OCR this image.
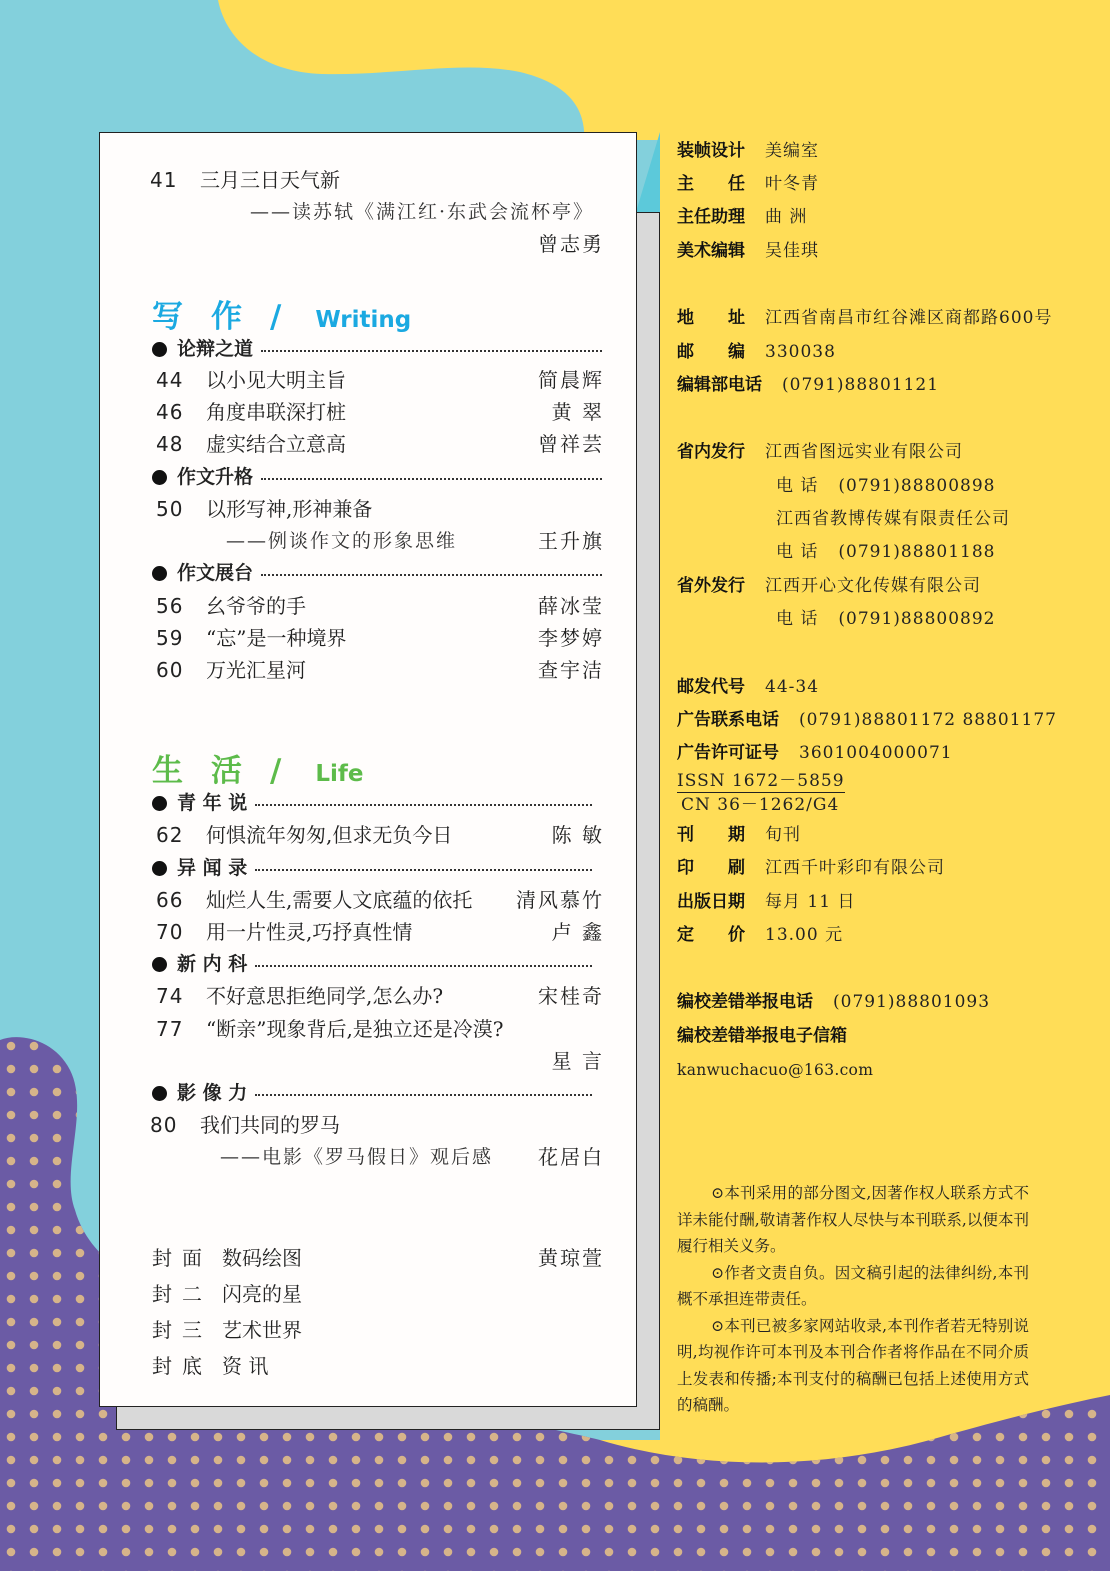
41 三月三日天气新
——读苏轼《满江红·东武会流杯亭》
曾志勇
写作/ Writing
论辩之道
44 以小见大明主旨	简晨辉
46 角度串联深打桩	黄 翠
48 虚实结合立意高	曾祥芸
作文升格
50 以形写神,形神兼备
——例谈作文的形象思维	王升旗
作文展台
56 幺爷爷的手	薛冰莹
59 “忘”是一种境界	李梦婷
60 万光汇星河	查宇洁
生活/ Life
青 年 说
62 何惧流年匆匆,但求无负今日	陈 敏
异 闻 录
66 灿烂人生,需要人文底蕴的依托 清风慕竹
70 用一片性灵,巧抒真性情	卢 鑫
新 内 科
74 不好意思拒绝同学,怎么办?	宋桂奇
77 “断亲”现象背后,是独立还是冷漠?
星 言
影 像 力
80 我们共同的罗马
——电影《罗马假日》观后感 花居白
封面 数码绘图	黄琼萱
封二 闪亮的星
封三 艺术世界
封底 资 讯
装帧设计 美编室
主　　任 叶冬青
主任助理 曲 洲
美术编辑 吴佳琪
地　　址 江西省南昌市红谷滩区商都路600号
邮　　编 330038
编辑部电话 (0791)88801121
省内发行 江西省图远实业有限公司
电 话 (0791)88800898
江西省教博传媒有限责任公司
电 话 (0791)88801188
省外发行 江西开心文化传媒有限公司
电 话 (0791)88800892
邮发代号 44-34
广告联系电话 (0791)88801172 88801177
广告许可证号 3601004000071
ISSN 1672－5859
CN 36－1262/G4
刊　　期 旬刊
印　　刷 江西千叶彩印有限公司
出版日期 每月 11 日
定　　价 13.00 元
编校差错举报电话 (0791)88801093
编校差错举报电子信箱
kanwuchacuo@163.com

⊙本刊采用的部分图文,因著作权人联系方式不详未能付酬,敬请著作权人尽快与本刊联系,以便本刊履行相关义务。

⊙作者文责自负。因文稿引起的法律纠纷,本刊概不承担连带责任。

⊙本刊已被多家网站收录,本刊作者若无特别说明,均视作许可本刊及本刊合作者将作品在不同介质上发表和传播;本刊支付的稿酬已包括上述使用方式的稿酬。
